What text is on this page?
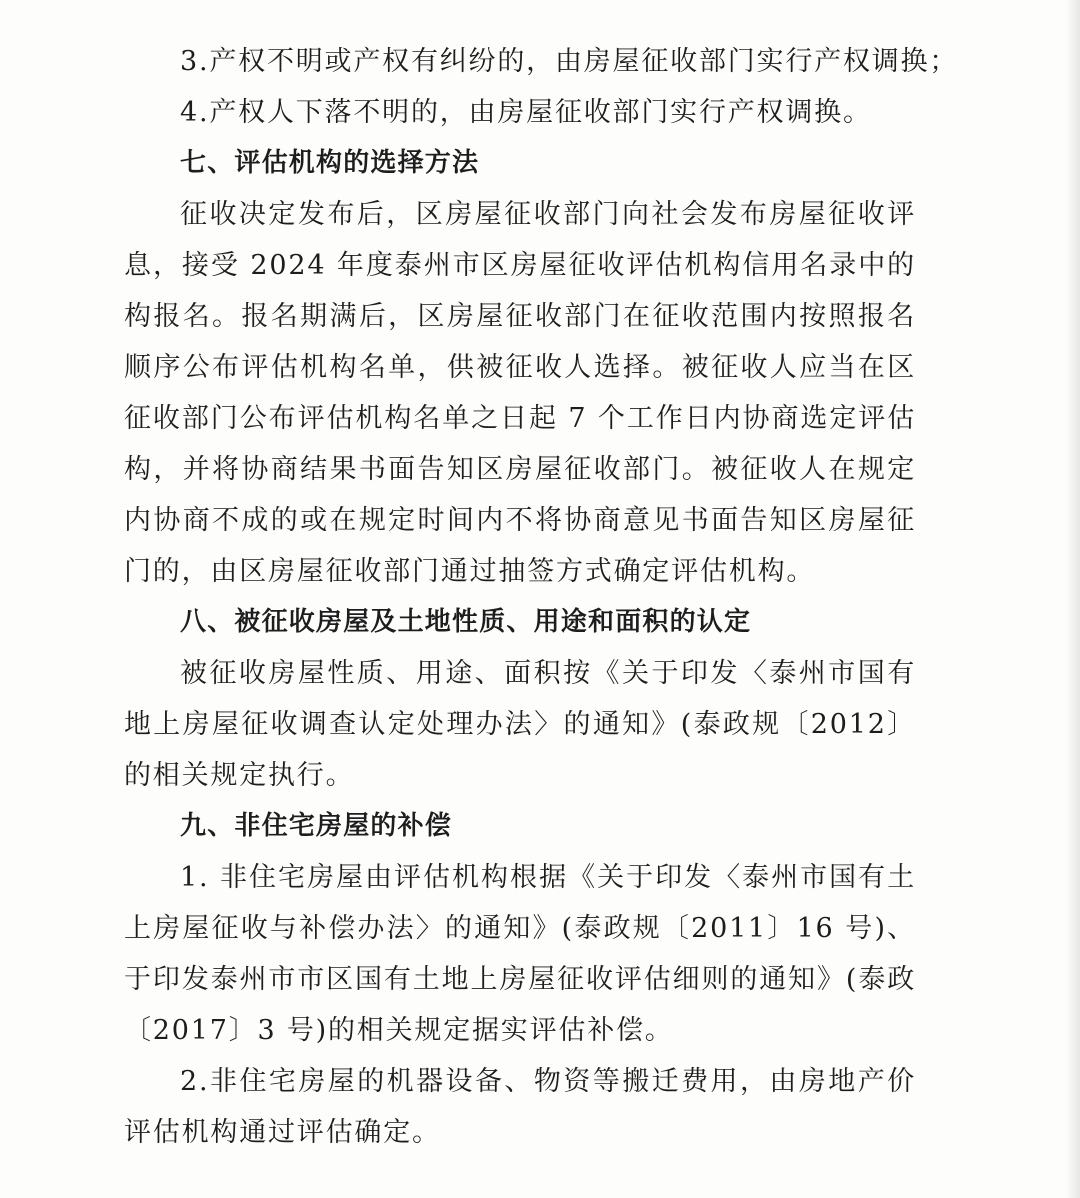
3.产权不明或产权有纠纷的，由房屋征收部门实行产权调换；
4.产权人下落不明的，由房屋征收部门实行产权调换。
七、评估机构的选择方法
征收决定发布后，区房屋征收部门向社会发布房屋征收评
息，接受 2024 年度泰州市区房屋征收评估机构信用名录中的
构报名。报名期满后，区房屋征收部门在征收范围内按照报名
顺序公布评估机构名单，供被征收人选择。被征收人应当在区
征收部门公布评估机构名单之日起 7 个工作日内协商选定评估
构，并将协商结果书面告知区房屋征收部门。被征收人在规定
内协商不成的或在规定时间内不将协商意见书面告知区房屋征
门的，由区房屋征收部门通过抽签方式确定评估机构。
八、被征收房屋及土地性质、用途和面积的认定
被征收房屋性质、用途、面积按《关于印发〈泰州市国有
地上房屋征收调查认定处理办法〉的通知》(泰政规〔2012〕
的相关规定执行。
九、非住宅房屋的补偿
1. 非住宅房屋由评估机构根据《关于印发〈泰州市国有土
上房屋征收与补偿办法〉的通知》(泰政规〔2011〕16 号)、
于印发泰州市市区国有土地上房屋征收评估细则的通知》(泰政
〔2017〕3 号)的相关规定据实评估补偿。
2.非住宅房屋的机器设备、物资等搬迁费用，由房地产价
评估机构通过评估确定。
